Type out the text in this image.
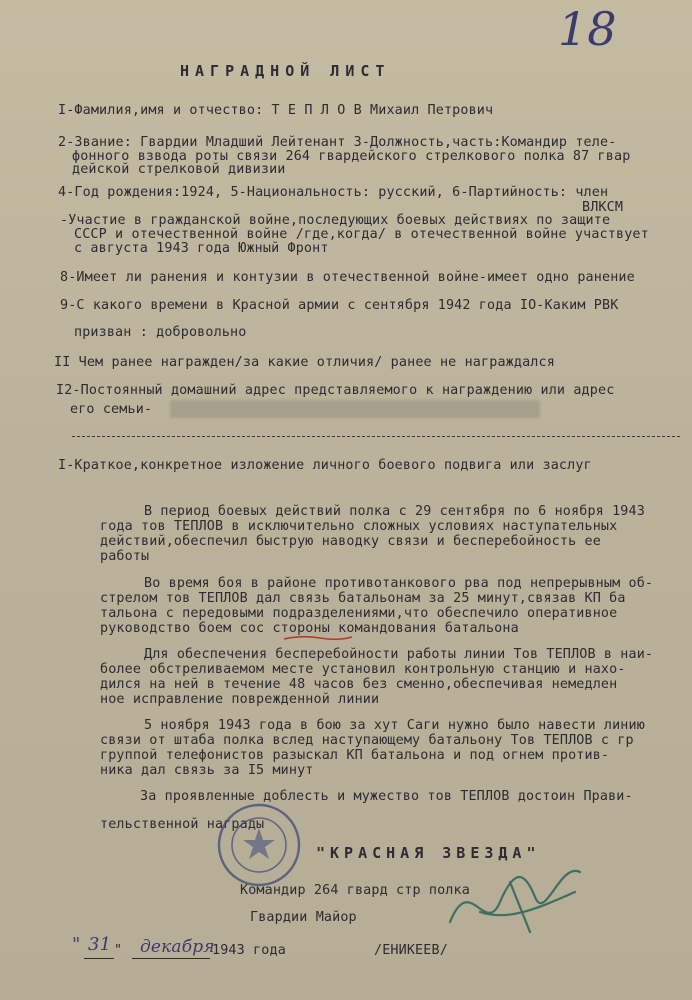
18
НАГРАДНОЙ ЛИСТ
I-Фамилия,имя и отчество: Т Е П Л О В Михаил Петрович
2-Звание: Гвардии Младший Лейтенант 3-Должность,часть:Командир теле-
фонного взвода роты связи 264 гвардейского стрелкового полка 87 гвар
дейской стрелковой дивизии
4-Год рождения:1924, 5-Национальность: русский, 6-Партийность: член
ВЛКСМ
-Участие в гражданской войне,последующих боевых действиях по защите
СССР и отечественной войне /где,когда/ в отечественной войне участвует
с августа 1943 года Южный Фронт
8-Имеет ли ранения и контузии в отечественной войне-имеет одно ранение
9-С какого времени в Красной армии с сентября 1942 года IO-Каким РВК
призван : добровольно
II Чем ранее награжден/за какие отличия/ ранее не награждался
I2-Постоянный домашний адрес представляемого к награждению или адрес
его семьи-
I-Краткое,конкретное изложение личного боевого подвига или заслуг
В период боевых действий полка с 29 сентября по 6 ноября 1943
года тов ТЕПЛОВ в исключительно сложных условиях наступательных
действий,обеспечил быструю наводку связи и бесперебойность ее
работы
Во время боя в районе противотанкового рва под непрерывным об-
стрелом тов ТЕПЛОВ дал связь батальонам за 25 минут,связав КП ба
тальона с передовыми подразделениями,что обеспечило оперативное
руководство боем сос стороны командования батальона
Для обеспечения бесперебойности работы линии Тов ТЕПЛОВ в наи-
более обстреливаемом месте установил контрольную станцию и нахо-
дился на ней в течение 48 часов без сменно,обеспечивая немедлен
ное исправление поврежденной линии
5 ноября 1943 года в бою за хут Саги нужно было навести линию
связи от штаба полка вслед наступающему батальону Тов ТЕПЛОВ с гр
группой телефонистов разыскал КП батальона и под огнем против-
ника дал связь за I5 минут
За проявленные доблесть и мужество тов ТЕПЛОВ достоин Прави-
тельственной награды
"КРАСНАЯ ЗВЕЗДА"
Командир 264 гвард стр полка
Гвардии Майор
" 31 " декабря
1943 года	/ЕНИКЕЕВ/
